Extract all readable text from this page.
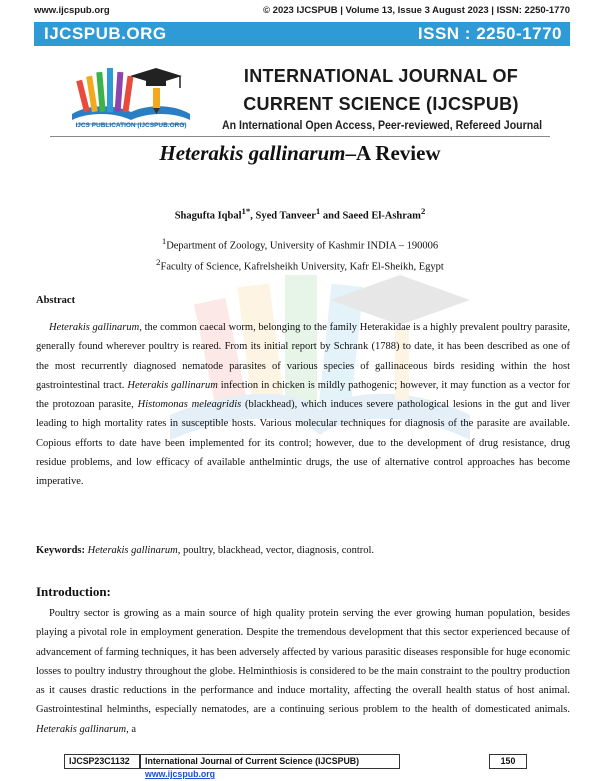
www.ijcspub.org	© 2023 IJCSPUB | Volume 13, Issue 3 August 2023 | ISSN: 2250-1770
IJCSPUB.ORG	ISSN : 2250-1770
IJCS PUBLICATION (IJCSPUB.ORG)
INTERNATIONAL JOURNAL OF
CURRENT SCIENCE (IJCSPUB)
An International Open Access, Peer-reviewed, Refereed Journal
Heterakis gallinarum–A Review
Shagufta Iqbal$^{1*}$, Syed Tanveer$^1$ and Saeed El-Ashram$^2$
$^1$Department of Zoology, University of Kashmir INDIA – 190006
$^2$Faculty of Science, Kafrelsheikh University, Kafr El-Sheikh, Egypt
Abstract

Heterakis gallinarum, the common caecal worm, belonging to the family Heterakidae is a highly prevalent poultry parasite, generally found wherever poultry is reared. From its initial report by Schrank (1788) to date, it has been described as one of the most recurrently diagnosed nematode parasites of various species of gallinaceous birds residing within the host gastrointestinal tract. Heterakis gallinarum infection in chicken is mildly pathogenic; however, it may function as a vector for the protozoan parasite, Histomonas meleagridis (blackhead), which induces severe pathological lesions in the gut and liver leading to high mortality rates in susceptible hosts. Various molecular techniques for diagnosis of the parasite are available. Copious efforts to date have been implemented for its control; however, due to the development of drug resistance, drug residue problems, and low efficacy of available anthelmintic drugs, the use of alternative control approaches has become imperative.

Keywords: Heterakis gallinarum, poultry, blackhead, vector, diagnosis, control.
Introduction:

Poultry sector is growing as a main source of high quality protein serving the ever growing human population, besides playing a pivotal role in employment generation. Despite the tremendous development that this sector experienced because of advancement of farming techniques, it has been adversely affected by various parasitic diseases responsible for huge economic losses to poultry industry throughout the globe. Helminthiosis is considered to be the main constraint to the poultry production as it causes drastic reductions in the performance and induce mortality, affecting the overall health status of host animal. Gastrointestinal helminths, especially nematodes, are a continuing serious problem to the health of domesticated animals. Heterakis gallinarum, a

IJCSP23C1132	International Journal of Current Science (IJCSPUB) www.ijcspub.org
150
